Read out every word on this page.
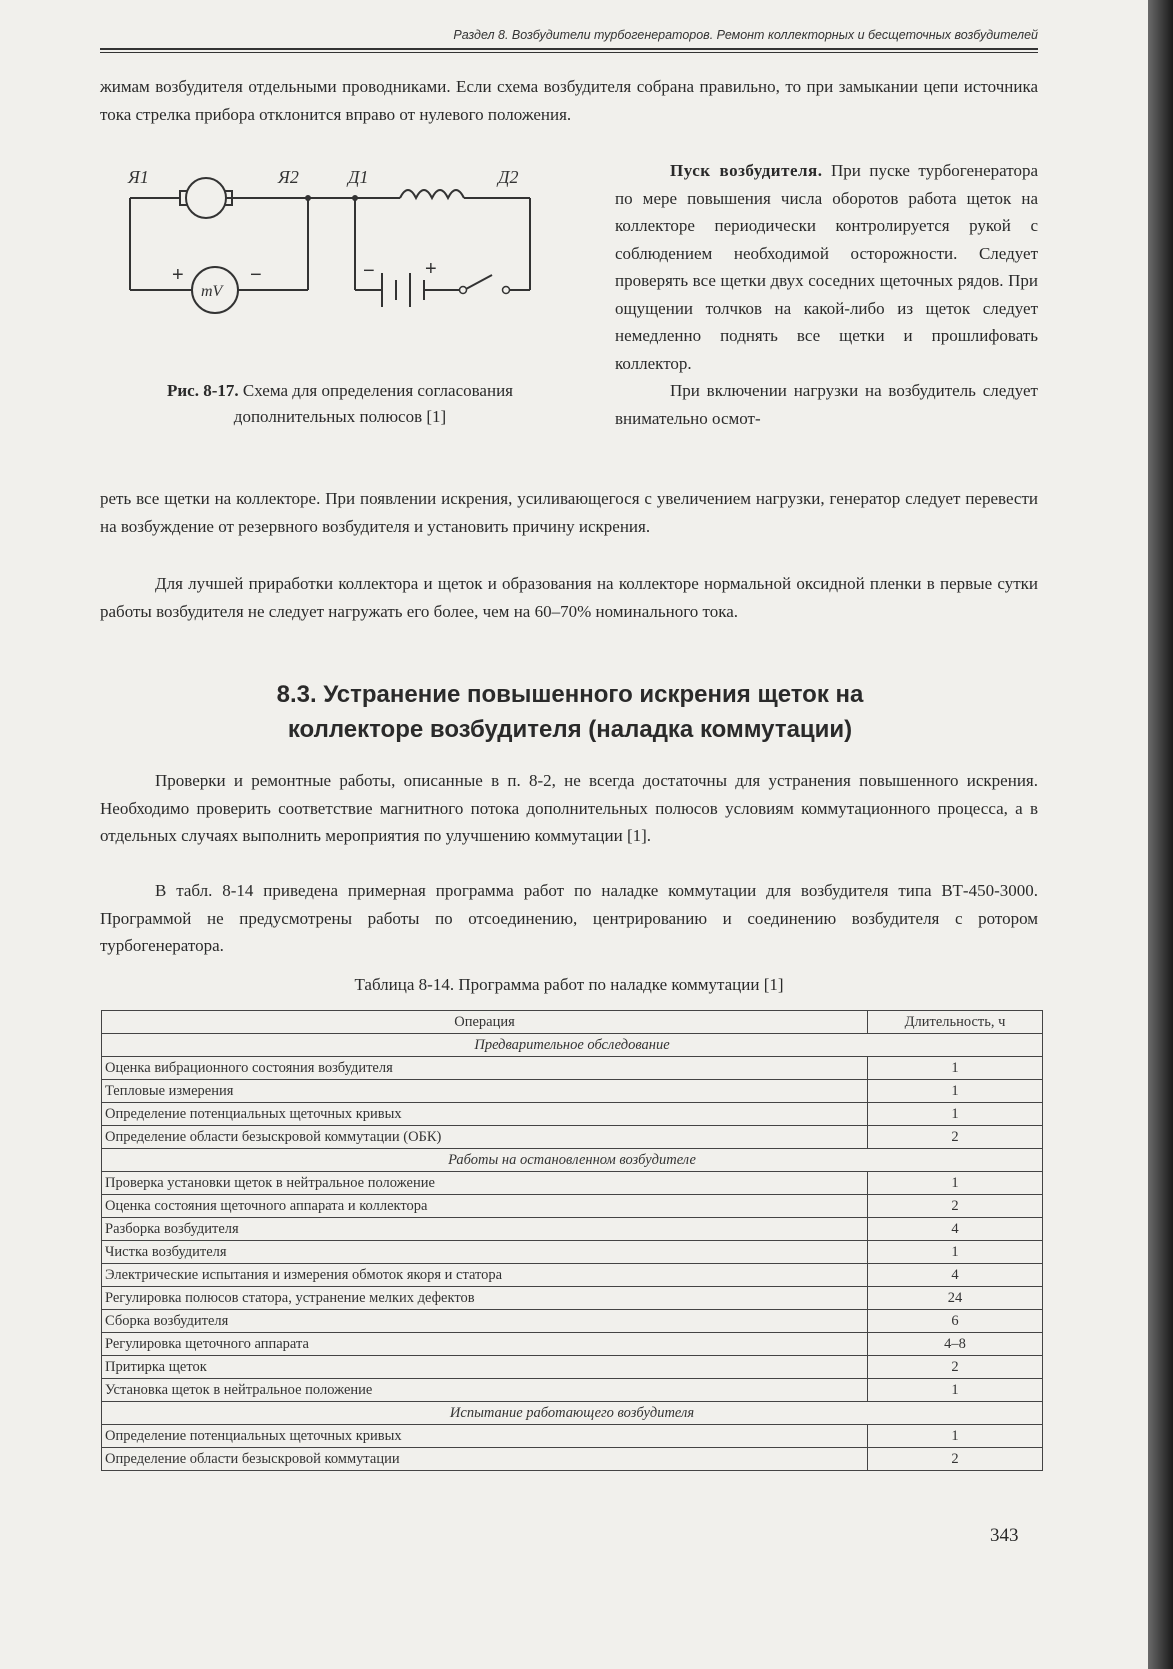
Раздел 8. Возбудители турбогенераторов. Ремонт коллекторных и бесщеточных возбудителей

жимам возбудителя отдельными проводниками. Если схема возбудителя собрана правильно, то при замыкании цепи источника тока стрелка прибора отклонится вправо от нулевого положения.

Я1	Я2	Д1	Д2
mV
+	−	−	+
Рис. 8-17. Схема для определения согласования дополнительных полюсов [1]

Пуск возбудителя. При пуске турбогенератора по мере повышения числа оборотов работа щеток на коллекторе периодически контролируется рукой с соблюдением необходимой осторожности. Следует проверять все щетки двух соседних щеточных рядов. При ощущении толчков на какой-либо из щеток следует немедленно поднять все щетки и прошлифовать коллектор.

При включении нагрузки на возбудитель следует внимательно осмот-

реть все щетки на коллекторе. При появлении искрения, усиливающегося с увеличением нагрузки, генератор следует перевести на возбуждение от резервного возбудителя и установить причину искрения.

Для лучшей приработки коллектора и щеток и образования на коллекторе нормальной оксидной пленки в первые сутки работы возбудителя не следует нагружать его более, чем на 60–70% номинального тока.

8.3. Устранение повышенного искрения щеток на
коллекторе возбудителя (наладка коммутации)

Проверки и ремонтные работы, описанные в п. 8-2, не всегда достаточны для устранения повышенного искрения. Необходимо проверить соответствие магнитного потока дополнительных полюсов условиям коммутационного процесса, а в отдельных случаях выполнить мероприятия по улучшению коммутации [1].

В табл. 8-14 приведена примерная программа работ по наладке коммутации для возбудителя типа ВТ-450-3000. Программой не предусмотрены работы по отсоединению, центрированию и соединению возбудителя с ротором турбогенератора.

Таблица 8-14. Программа работ по наладке коммутации [1]
Операция	Длительность, ч
Предварительное обследование	
Оценка вибрационного состояния возбудителя	1
Тепловые измерения	1
Определение потенциальных щеточных кривых	1
Определение области безыскровой коммутации (ОБК)	2
Работы на остановленном возбудителе	
Проверка установки щеток в нейтральное положение	1
Оценка состояния щеточного аппарата и коллектора	2
Разборка возбудителя	4
Чистка возбудителя	1
Электрические испытания и измерения обмоток якоря и статора	4
Регулировка полюсов статора, устранение мелких дефектов	24
Сборка возбудителя	6
Регулировка щеточного аппарата	4–8
Притирка щеток	2
Установка щеток в нейтральное положение	1
Испытание работающего возбудителя	
Определение потенциальных щеточных кривых	1
Определение области безыскровой коммутации	2
343
